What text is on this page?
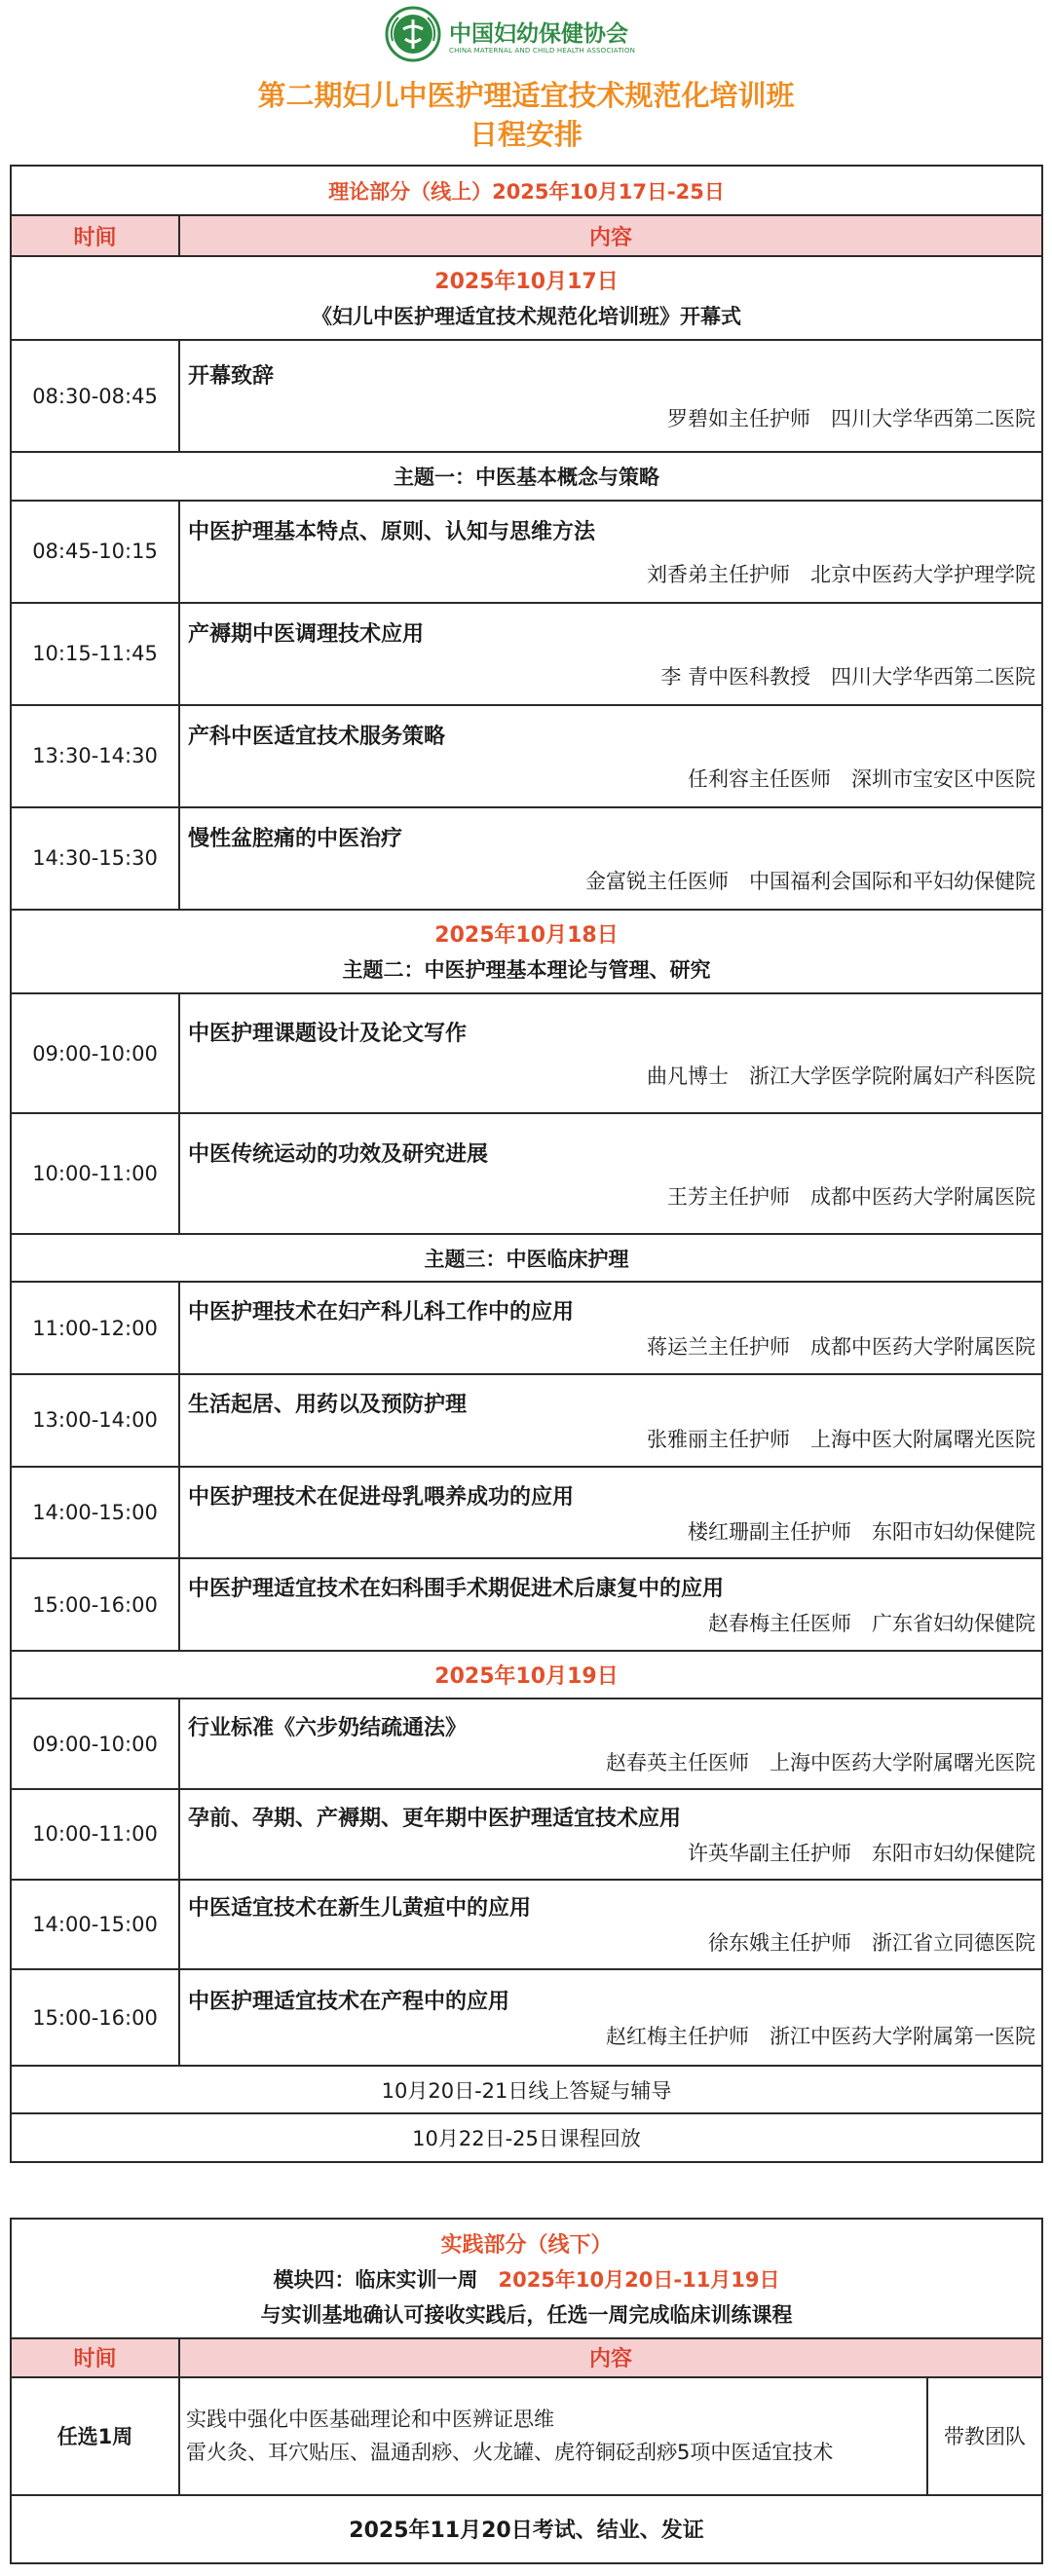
中国妇幼保健协会
CHINA MATERNAL AND CHILD HEALTH ASSOCIATION
第二期妇儿中医护理适宜技术规范化培训班
日程安排
理论部分（线上）2025年10月17日-25日	
时间	内容

2025年10月17日
《妇儿中医护理适宜技术规范化培训班》开幕式	

08:30-08:45	开幕致辞
罗碧如主任护师　四川大学华西第二医院

主题一：中医基本概念与策略	
08:45-10:15	中医护理基本特点、原则、认知与思维方法
刘香弟主任护师　北京中医药大学护理学院

10:15-11:45	产褥期中医调理技术应用
李 青中医科教授　四川大学华西第二医院

13:30-14:30	产科中医适宜技术服务策略
任利容主任医师　深圳市宝安区中医院

14:30-15:30	慢性盆腔痛的中医治疗
金富锐主任医师　中国福利会国际和平妇幼保健院

2025年10月18日
主题二：中医护理基本理论与管理、研究	

09:00-10:00	中医护理课题设计及论文写作
曲凡博士　浙江大学医学院附属妇产科医院

10:00-11:00	中医传统运动的功效及研究进展
王芳主任护师　成都中医药大学附属医院

主题三：中医临床护理	
11:00-12:00	中医护理技术在妇产科儿科工作中的应用
蒋运兰主任护师　成都中医药大学附属医院

13:00-14:00	生活起居、用药以及预防护理
张雅丽主任护师　上海中医大附属曙光医院

14:00-15:00	中医护理技术在促进母乳喂养成功的应用
楼红珊副主任护师　东阳市妇幼保健院

15:00-16:00	中医护理适宜技术在妇科围手术期促进术后康复中的应用
赵春梅主任医师　广东省妇幼保健院

2025年10月19日	

09:00-10:00	行业标准《六步奶结疏通法》
赵春英主任医师　上海中医药大学附属曙光医院

10:00-11:00	孕前、孕期、产褥期、更年期中医护理适宜技术应用
许英华副主任护师　东阳市妇幼保健院

14:00-15:00	中医适宜技术在新生儿黄疸中的应用
徐东娥主任护师　浙江省立同德医院

15:00-16:00	中医护理适宜技术在产程中的应用
赵红梅主任护师　浙江中医药大学附属第一医院

10月20日-21日线上答疑与辅导	
10月22日-25日课程回放	
实践部分（线下）
模块四：临床实训一周　 2025年10月20日-11月19日
与实训基地确认可接收实践后，任选一周完成临床训练课程		

时间	内容	
任选1周	实践中强化中医基础理论和中医辨证思维
雷火灸、耳穴贴压、温通刮痧、火龙罐、虎符铜砭刮痧5项中医适宜技术	带教团队
2025年11月20日考试、结业、发证		
